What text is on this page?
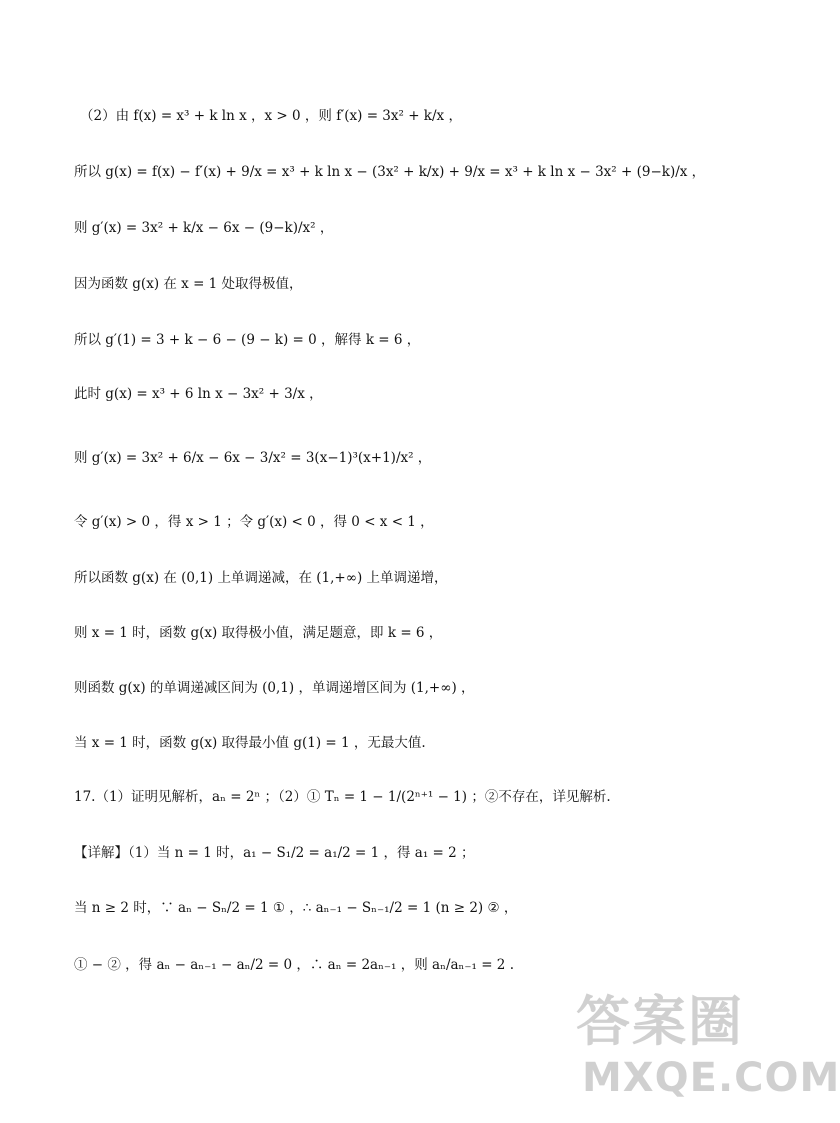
（2）由 f(x) = x³ + k ln x ，x > 0 ，则 f′(x) = 3x² + k/x ，
所以 g(x) = f(x) − f′(x) + 9/x = x³ + k ln x − (3x² + k/x) + 9/x = x³ + k ln x − 3x² + (9−k)/x ，
则 g′(x) = 3x² + k/x − 6x − (9−k)/x² ，
因为函数 g(x) 在 x = 1 处取得极值，
所以 g′(1) = 3 + k − 6 − (9 − k) = 0 ，解得 k = 6 ，
此时 g(x) = x³ + 6 ln x − 3x² + 3/x ，
则 g′(x) = 3x² + 6/x − 6x − 3/x² = 3(x−1)³(x+1)/x² ，
令 g′(x) > 0 ，得 x > 1 ；令 g′(x) < 0 ，得 0 < x < 1 ，
所以函数 g(x) 在 (0,1) 上单调递减，在 (1,+∞) 上单调递增，
则 x = 1 时，函数 g(x) 取得极小值，满足题意，即 k = 6 ，
则函数 g(x) 的单调递减区间为 (0,1) ，单调递增区间为 (1,+∞) ，
当 x = 1 时，函数 g(x) 取得最小值 g(1) = 1 ，无最大值.
17.（1）证明见解析，aₙ = 2ⁿ ；（2）① Tₙ = 1 − 1/(2ⁿ⁺¹ − 1) ；②不存在，详见解析.
【详解】（1）当 n = 1 时，a₁ − S₁/2 = a₁/2 = 1 ，得 a₁ = 2 ；
当 n ≥ 2 时，∵ aₙ − Sₙ/2 = 1 ① ，∴ aₙ₋₁ − Sₙ₋₁/2 = 1 (n ≥ 2) ② ，
① − ② ，得 aₙ − aₙ₋₁ − aₙ/2 = 0 ，∴ aₙ = 2aₙ₋₁ ，则 aₙ/aₙ₋₁ = 2 .
答案圈
MXQE.COM
